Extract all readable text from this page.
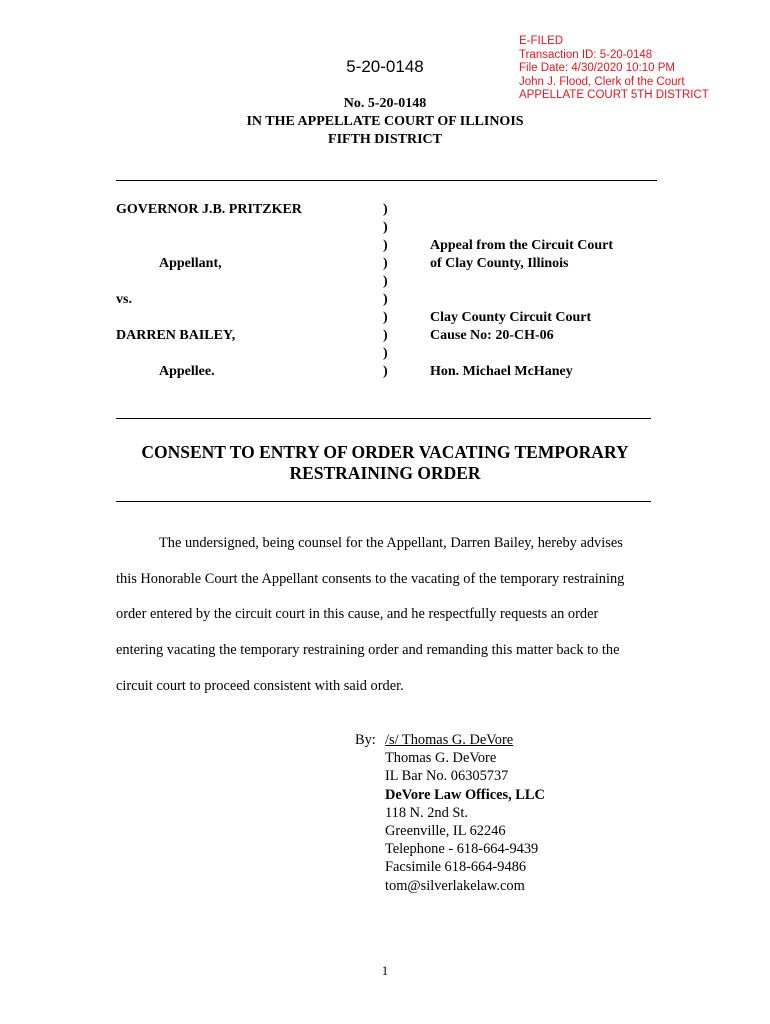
E-FILED
Transaction ID: 5-20-0148
File Date: 4/30/2020 10:10 PM
John J. Flood, Clerk of the Court
APPELLATE COURT 5TH DISTRICT
5-20-0148
No. 5-20-0148
IN THE APPELLATE COURT OF ILLINOIS
FIFTH DISTRICT
GOVERNOR J.B. PRITZKER
Appellant,
vs.
DARREN BAILEY,
Appellee.
)
)
)
)
)
)
)
)
)
)
Appeal from the Circuit Court
of Clay County, Illinois
Clay County Circuit Court
Cause No: 20-CH-06
Hon. Michael McHaney
CONSENT TO ENTRY OF ORDER VACATING TEMPORARY
RESTRAINING ORDER
The undersigned, being counsel for the Appellant, Darren Bailey, hereby advises
this Honorable Court the Appellant consents to the vacating of the temporary restraining
order entered by the circuit court in this cause, and he respectfully requests an order
entering vacating the temporary restraining order and remanding this matter back to the
circuit court to proceed consistent with said order.
By: /s/ Thomas G. DeVore
Thomas G. DeVore
IL Bar No. 06305737
DeVore Law Offices, LLC
118 N. 2nd St.
Greenville, IL 62246
Telephone - 618-664-9439
Facsimile 618-664-9486
tom@silverlakelaw.com
1
